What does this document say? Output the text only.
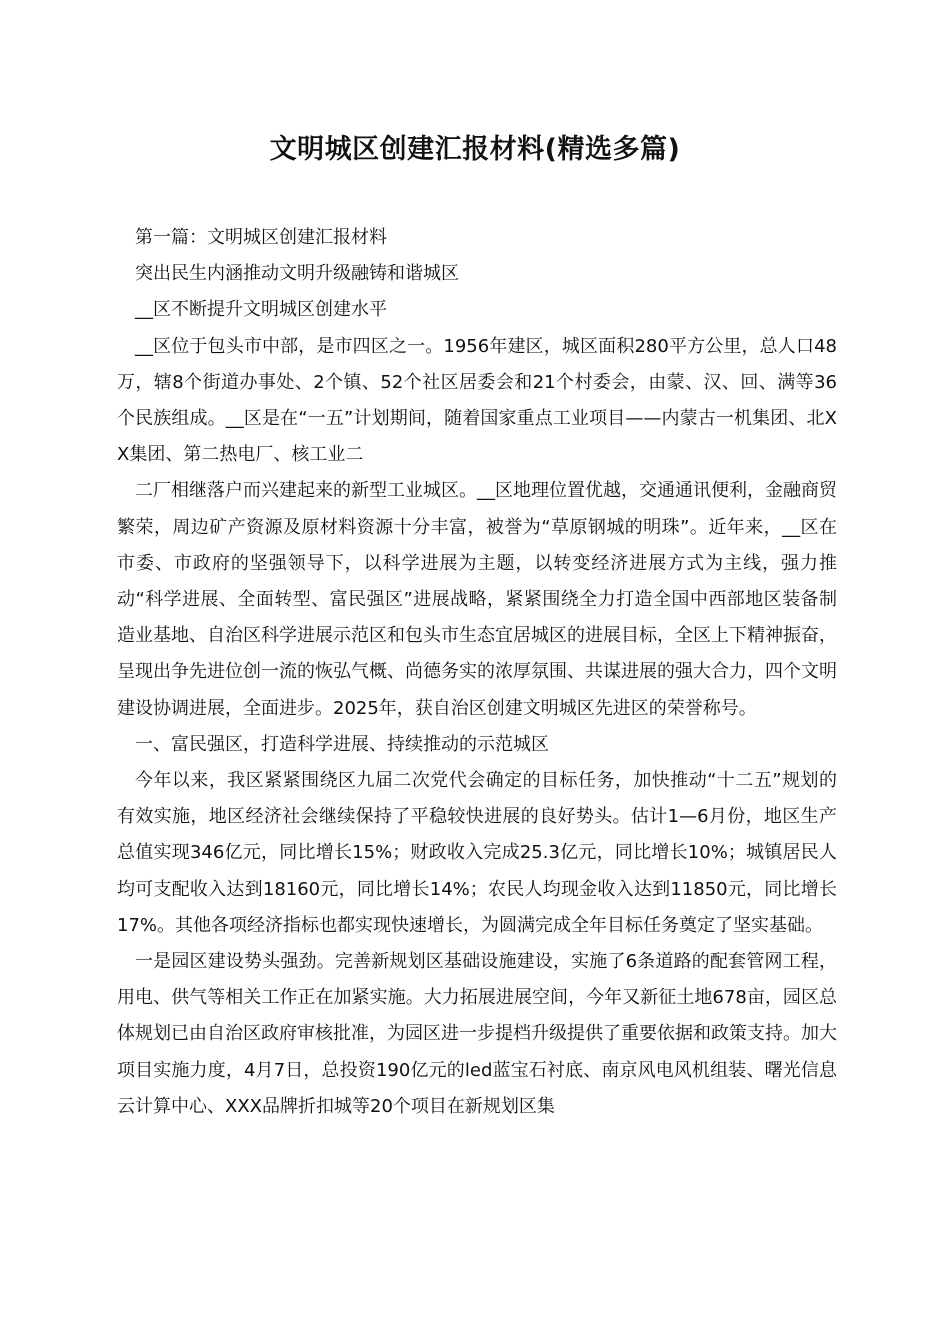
文明城区创建汇报材料(精选多篇)

第一篇：文明城区创建汇报材料

突出民生内涵推动文明升级融铸和谐城区

__区不断提升文明城区创建水平

__区位于包头市中部，是市四区之一。1956年建区，城区面积280平方公里，总人口48万，辖8个街道办事处、2个镇、52个社区居委会和21个村委会，由蒙、汉、回、满等36个民族组成。__区是在“一五”计划期间，随着国家重点工业项目——内蒙古一机集团、北XX集团、第二热电厂、核工业二

二厂相继落户而兴建起来的新型工业城区。__区地理位置优越，交通通讯便利，金融商贸繁荣，周边矿产资源及原材料资源十分丰富，被誉为“草原钢城的明珠”。近年来，__区在市委、市政府的坚强领导下，以科学进展为主题，以转变经济进展方式为主线，强力推动“科学进展、全面转型、富民强区”进展战略，紧紧围绕全力打造全国中西部地区装备制造业基地、自治区科学进展示范区和包头市生态宜居城区的进展目标，全区上下精神振奋，呈现出争先进位创一流的恢弘气概、尚德务实的浓厚氛围、共谋进展的强大合力，四个文明建设协调进展，全面进步。2025年，获自治区创建文明城区先进区的荣誉称号。

一、富民强区，打造科学进展、持续推动的示范城区

今年以来，我区紧紧围绕区九届二次党代会确定的目标任务，加快推动“十二五”规划的有效实施，地区经济社会继续保持了平稳较快进展的良好势头。估计1—6月份，地区生产总值实现346亿元，同比增长15%；财政收入完成25.3亿元，同比增长10%；城镇居民人均可支配收入达到18160元，同比增长14%；农民人均现金收入达到11850元，同比增长17%。其他各项经济指标也都实现快速增长，为圆满完成全年目标任务奠定了坚实基础。

一是园区建设势头强劲。完善新规划区基础设施建设，实施了6条道路的配套管网工程，用电、供气等相关工作正在加紧实施。大力拓展进展空间，今年又新征土地678亩，园区总体规划已由自治区政府审核批准，为园区进一步提档升级提供了重要依据和政策支持。加大项目实施力度，4月7日，总投资190亿元的led蓝宝石衬底、南京风电风机组装、曙光信息云计算中心、XXX品牌折扣城等20个项目在新规划区集
